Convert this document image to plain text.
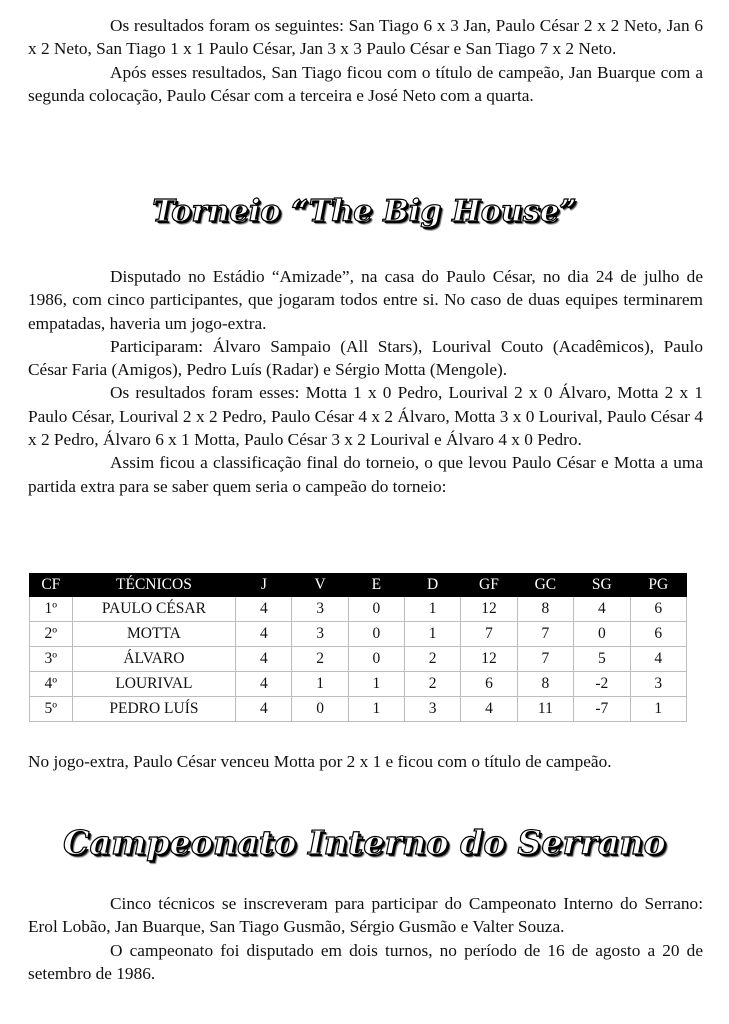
Os resultados foram os seguintes: San Tiago 6 x 3 Jan, Paulo César 2 x 2 Neto, Jan 6 x 2 Neto, San Tiago 1 x 1 Paulo César, Jan 3 x 3 Paulo César e San Tiago 7 x 2 Neto.

Após esses resultados, San Tiago ficou com o título de campeão, Jan Buarque com a segunda colocação, Paulo César com a terceira e José Neto com a quarta.

Torneio “The Big House”

Disputado no Estádio “Amizade”, na casa do Paulo César, no dia 24 de julho de 1986, com cinco participantes, que jogaram todos entre si. No caso de duas equipes terminarem empatadas, haveria um jogo-extra.

Participaram: Álvaro Sampaio (All Stars), Lourival Couto (Acadêmicos), Paulo César Faria (Amigos), Pedro Luís (Radar) e Sérgio Motta (Mengole).

Os resultados foram esses: Motta 1 x 0 Pedro, Lourival 2 x 0 Álvaro, Motta 2 x 1 Paulo César, Lourival 2 x 2 Pedro, Paulo César 4 x 2 Álvaro, Motta 3 x 0 Lourival, Paulo César 4 x 2 Pedro, Álvaro 6 x 1 Motta, Paulo César 3 x 2 Lourival e Álvaro 4 x 0 Pedro.

Assim ficou a classificação final do torneio, o que levou Paulo César e Motta a uma partida extra para se saber quem seria o campeão do torneio:

CF	TÉCNICOS	J	V	E	D	GF	GC	SG	PG
1º	PAULO CÉSAR	4	3	0	1	12	8	4	6
2º	MOTTA	4	3	0	1	7	7	0	6
3º	ÁLVARO	4	2	0	2	12	7	5	4
4º	LOURIVAL	4	1	1	2	6	8	-2	3
5º	PEDRO LUÍS	4	0	1	3	4	11	-7	1

No jogo-extra, Paulo César venceu Motta por 2 x 1 e ficou com o título de campeão.

Campeonato Interno do Serrano

Cinco técnicos se inscreveram para participar do Campeonato Interno do Serrano: Erol Lobão, Jan Buarque, San Tiago Gusmão, Sérgio Gusmão e Valter Souza.

O campeonato foi disputado em dois turnos, no período de 16 de agosto a 20 de setembro de 1986.
